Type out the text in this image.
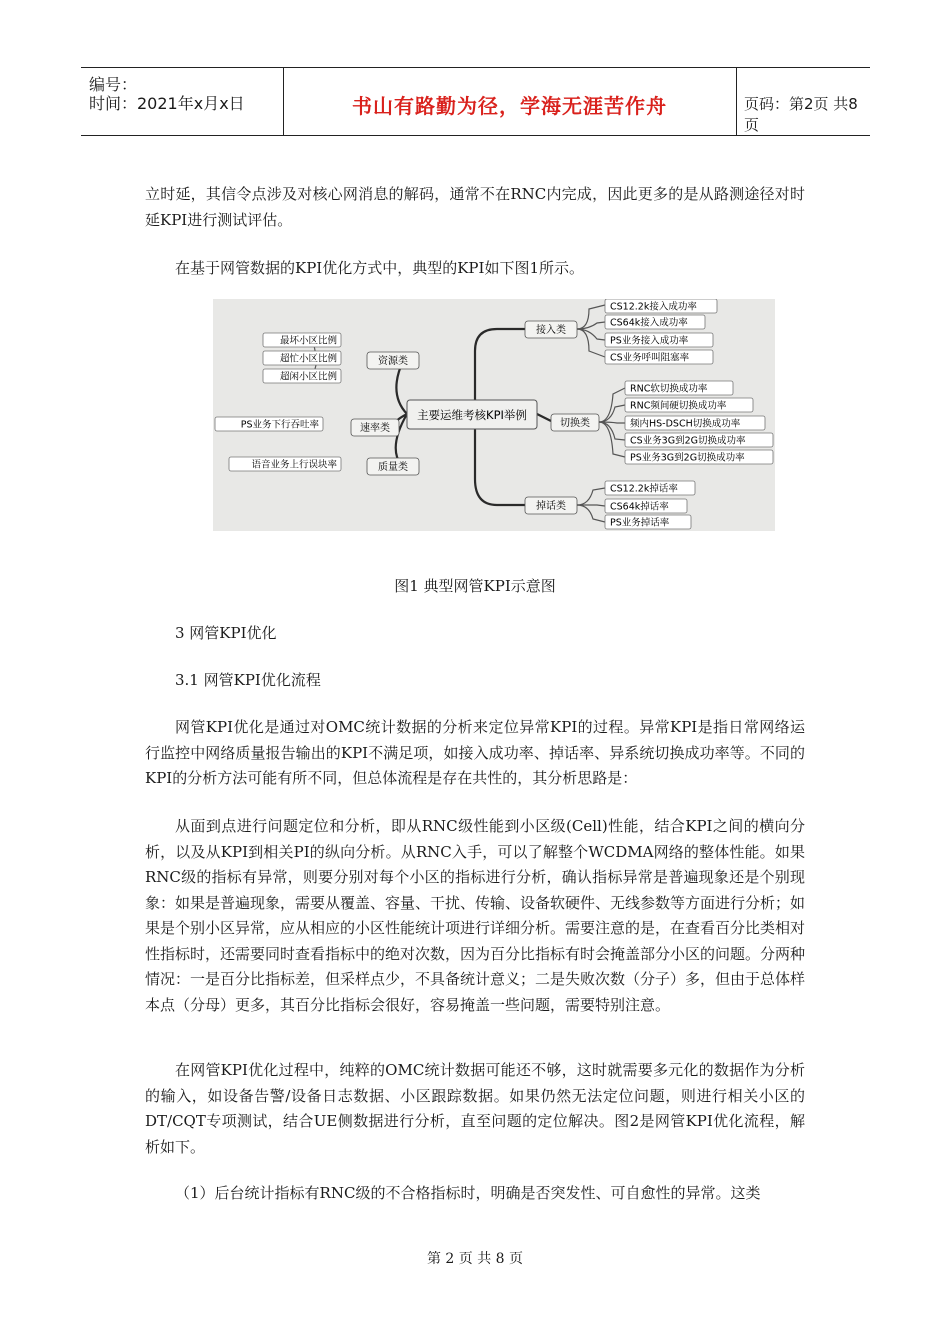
编号：
时间：2021年x月x日	书山有路勤为径，学海无涯苦作舟	页码：第2页 共8页

立时延，其信令点涉及对核心网消息的解码，通常不在RNC内完成，因此更多的是从路测途径对时延KPI进行测试评估。

在基于网管数据的KPI优化方式中，典型的KPI如下图1所示。

主要运维考核KPI举例
接入类
切换类
掉话类
资源类
速率类
质量类
CS12.2k接入成功率
CS64k接入成功率
PS业务接入成功率
CS业务呼叫阻塞率
RNC软切换成功率
RNC频间硬切换成功率
频内HS-DSCH切换成功率
CS业务3G到2G切换成功率
PS业务3G到2G切换成功率
CS12.2k掉话率
CS64k掉话率
PS业务掉话率
最坏小区比例
超忙小区比例
超闲小区比例
PS业务下行吞吐率
语音业务上行误块率
图1 典型网管KPI示意图

3 网管KPI优化

3.1 网管KPI优化流程

网管KPI优化是通过对OMC统计数据的分析来定位异常KPI的过程。异常KPI是指日常网络运行监控中网络质量报告输出的KPI不满足项，如接入成功率、掉话率、异系统切换成功率等。不同的KPI的分析方法可能有所不同，但总体流程是存在共性的，其分析思路是：

从面到点进行问题定位和分析，即从RNC级性能到小区级(Cell)性能，结合KPI之间的横向分析，以及从KPI到相关PI的纵向分析。从RNC入手，可以了解整个WCDMA网络的整体性能。如果RNC级的指标有异常，则要分别对每个小区的指标进行分析，确认指标异常是普遍现象还是个别现象：如果是普遍现象，需要从覆盖、容量、干扰、传输、设备软硬件、无线参数等方面进行分析；如果是个别小区异常，应从相应的小区性能统计项进行详细分析。需要注意的是，在查看百分比类相对性指标时，还需要同时查看指标中的绝对次数，因为百分比指标有时会掩盖部分小区的问题。分两种情况：一是百分比指标差，但采样点少，不具备统计意义；二是失败次数（分子）多，但由于总体样本点（分母）更多，其百分比指标会很好，容易掩盖一些问题，需要特别注意。

在网管KPI优化过程中，纯粹的OMC统计数据可能还不够，这时就需要多元化的数据作为分析的输入，如设备告警/设备日志数据、小区跟踪数据。如果仍然无法定位问题，则进行相关小区的DT/CQT专项测试，结合UE侧数据进行分析，直至问题的定位解决。图2是网管KPI优化流程，解析如下。

（1）后台统计指标有RNC级的不合格指标时，明确是否突发性、可自愈性的异常。这类

第 2 页 共 8 页
